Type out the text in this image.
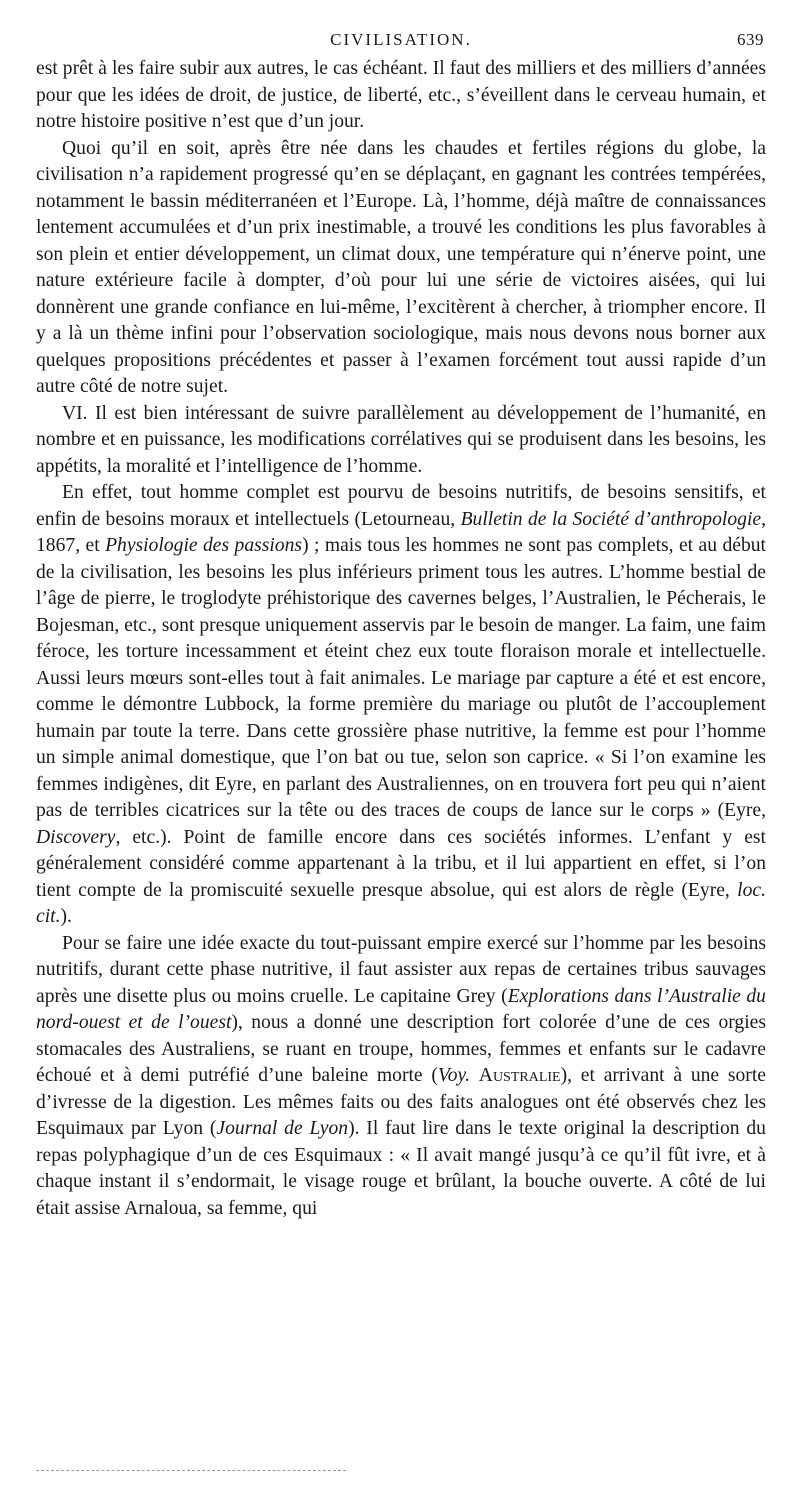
CIVILISATION.	639

est prêt à les faire subir aux autres, le cas échéant. Il faut des milliers et des milliers d’années pour que les idées de droit, de justice, de liberté, etc., s’éveillent dans le cerveau humain, et notre histoire positive n’est que d’un jour.

Quoi qu’il en soit, après être née dans les chaudes et fertiles régions du globe, la civilisation n’a rapidement progressé qu’en se déplaçant, en gagnant les contrées tempérées, notamment le bassin méditerranéen et l’Europe. Là, l’homme, déjà maître de connaissances lentement accumulées et d’un prix inestimable, a trouvé les conditions les plus favorables à son plein et entier développement, un climat doux, une température qui n’énerve point, une nature extérieure facile à dompter, d’où pour lui une série de victoires aisées, qui lui donnèrent une grande confiance en lui-même, l’excitèrent à chercher, à triompher encore. Il y a là un thème infini pour l’observation sociologique, mais nous devons nous borner aux quelques propositions précédentes et passer à l’examen forcément tout aussi rapide d’un autre côté de notre sujet.

VI. Il est bien intéressant de suivre parallèlement au développement de l’humanité, en nombre et en puissance, les modifications corrélatives qui se produisent dans les besoins, les appétits, la moralité et l’intelligence de l’homme.

En effet, tout homme complet est pourvu de besoins nutritifs, de besoins sensitifs, et enfin de besoins moraux et intellectuels (Letourneau, Bulletin de la Société d’anthropologie, 1867, et Physiologie des passions) ; mais tous les hommes ne sont pas complets, et au début de la civilisation, les besoins les plus inférieurs priment tous les autres. L’homme bestial de l’âge de pierre, le troglodyte préhistorique des cavernes belges, l’Australien, le Pécherais, le Bojesman, etc., sont presque uniquement asservis par le besoin de manger. La faim, une faim féroce, les torture incessamment et éteint chez eux toute floraison morale et intellectuelle. Aussi leurs mœurs sont-elles tout à fait animales. Le mariage par capture a été et est encore, comme le démontre Lubbock, la forme première du mariage ou plutôt de l’accouplement humain par toute la terre. Dans cette grossière phase nutritive, la femme est pour l’homme un simple animal domestique, que l’on bat ou tue, selon son caprice. « Si l’on examine les femmes indigènes, dit Eyre, en parlant des Australiennes, on en trouvera fort peu qui n’aient pas de terribles cicatrices sur la tête ou des traces de coups de lance sur le corps » (Eyre, Discovery, etc.). Point de famille encore dans ces sociétés informes. L’enfant y est généralement considéré comme appartenant à la tribu, et il lui appartient en effet, si l’on tient compte de la promiscuité sexuelle presque absolue, qui est alors de règle (Eyre, loc. cit.).

Pour se faire une idée exacte du tout-puissant empire exercé sur l’homme par les besoins nutritifs, durant cette phase nutritive, il faut assister aux repas de certaines tribus sauvages après une disette plus ou moins cruelle. Le capitaine Grey (Explorations dans l’Australie du nord-ouest et de l’ouest), nous a donné une description fort colorée d’une de ces orgies stomacales des Australiens, se ruant en troupe, hommes, femmes et enfants sur le cadavre échoué et à demi putréfié d’une baleine morte (Voy. Australie), et arrivant à une sorte d’ivresse de la digestion. Les mêmes faits ou des faits analogues ont été observés chez les Esquimaux par Lyon (Journal de Lyon). Il faut lire dans le texte original la description du repas polyphagique d’un de ces Esquimaux : « Il avait mangé jusqu’à ce qu’il fût ivre, et à chaque instant il s’endormait, le visage rouge et brûlant, la bouche ouverte. A côté de lui était assise Arnaloua, sa femme, qui
